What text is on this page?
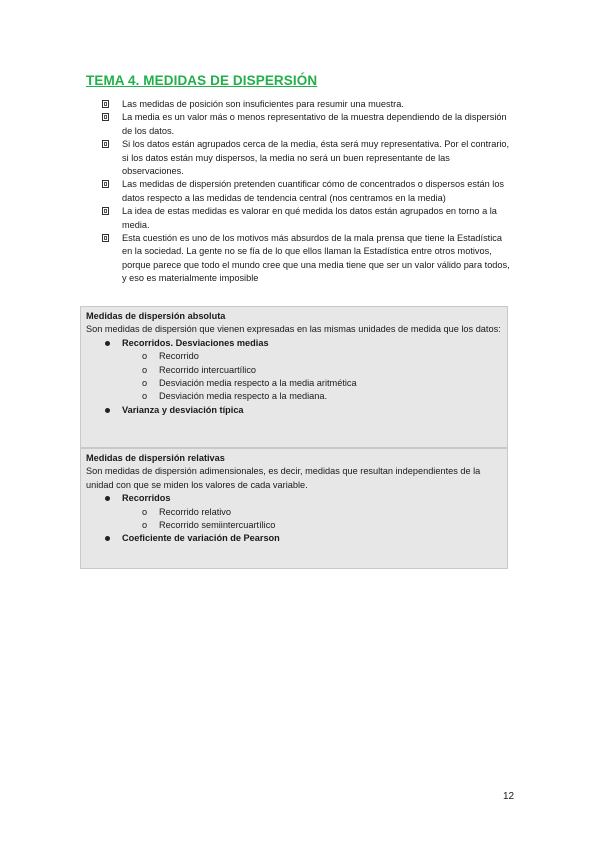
TEMA 4. MEDIDAS DE DISPERSIÓN
Las medidas de posición son insuficientes para resumir una muestra.
La media es un valor más o menos representativo de la muestra dependiendo de la dispersión de los datos.
Si los datos están agrupados cerca de la media, ésta será muy representativa. Por el contrario, si los datos están muy dispersos, la media no será un buen representante de las observaciones.
Las medidas de dispersión pretenden cuantificar cómo de concentrados o dispersos están los datos respecto a las medidas de tendencia central (nos centramos en la media)
La idea de estas medidas es valorar en qué medida los datos están agrupados en torno a la media.
Esta cuestión es uno de los motivos más absurdos de la mala prensa que tiene la Estadística en la sociedad. La gente no se fía de lo que ellos llaman la Estadística entre otros motivos, porque parece que todo el mundo cree que una media tiene que ser un valor válido para todos, y eso es materialmente imposible
Medidas de dispersión absoluta
Son medidas de dispersión que vienen expresadas en las mismas unidades de medida que los datos:
Recorridos. Desviaciones medias
o Recorrido
o Recorrido intercuartílico
o Desviación media respecto a la media aritmética
o Desviación media respecto a la mediana.
Varianza y desviación típica
Medidas de dispersión relativas
Son medidas de dispersión adimensionales, es decir, medidas que resultan independientes de la unidad con que se miden los valores de cada variable.
Recorridos
o Recorrido relativo
o Recorrido semiintercuartílico
Coeficiente de variación de Pearson
12
